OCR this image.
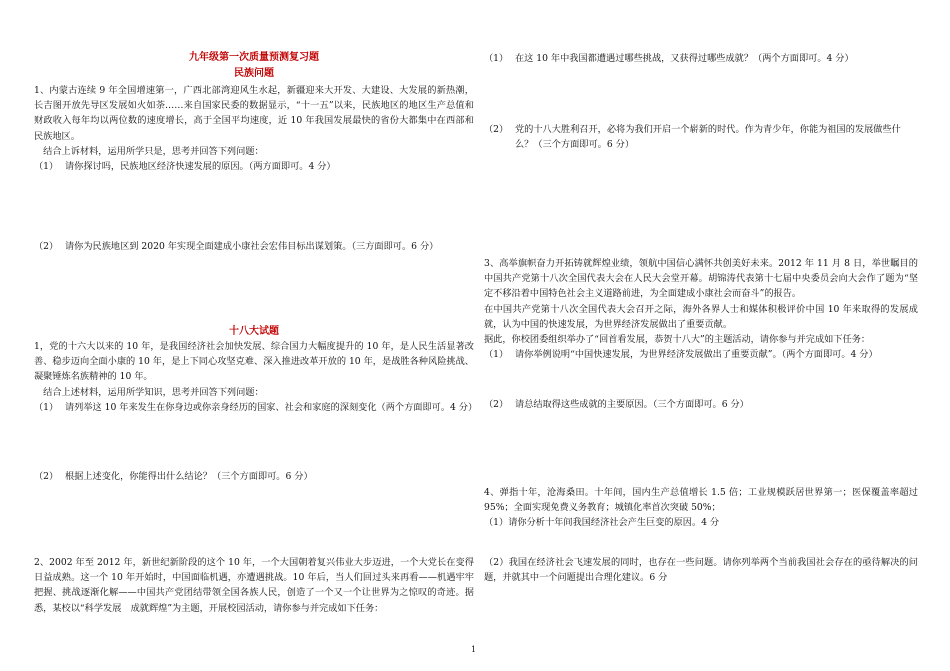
九年级第一次质量预测复习题
民族问题

1、内蒙古连续 9 年全国增速第一，广西北部湾迎风生水起，新疆迎来大开发、大建设、大发展的新热潮，长吉图开放先导区发展如火如荼……来自国家民委的数据显示，“十一五”以来，民族地区的地区生产总值和财政收入每年均以两位数的速度增长，高于全国平均速度，近 10 年我国发展最快的省份大都集中在西部和民族地区。

　结合上诉材料，运用所学只是，思考并回答下列问题：

（1） 请你探讨吗，民族地区经济快速发展的原因。（两方面即可。4 分）
（2） 请你为民族地区到 2020 年实现全面建成小康社会宏伟目标出谋划策。（三方面即可。6 分）
十八大试题

1，党的十六大以来的 10 年，是我国经济社会加快发展、综合国力大幅度提升的 10 年，是人民生活显著改善、稳步迈向全面小康的 10 年，是上下同心攻坚克难、深入推进改革开放的 10 年，是战胜各种风险挑战、凝聚锤炼名族精神的 10 年。

　结合上述材料，运用所学知识，思考并回答下列问题：

（1） 请列举这 10 年来发生在你身边或你亲身经历的国家、社会和家庭的深刻变化（两个方面即可。4 分）
（2） 根据上述变化，你能得出什么结论？（三个方面即可。6 分）

2、2002 年至 2012 年，新世纪新阶段的这个 10 年，一个大国朝着复兴伟业大步迈进，一个大党长在变得日益成熟。这一个 10 年开始时，中国面临机遇，亦遭遇挑战。10 年后，当人们回过头来再看——机遇牢牢把握、挑战逐渐化解——中国共产党团结带领全国各族人民，创造了一个又一个让世界为之惊叹的奇迹。据悉，某校以“科学发展　成就辉煌”为主题，开展校园活动，请你参与并完成如下任务：

（1） 在这 10 年中我国都遭遇过哪些挑战，又获得过哪些成就？（两个方面即可。4 分）
（2） 党的十八大胜利召开，必将为我们开启一个崭新的时代。作为青少年，你能为祖国的发展做些什么？（三个方面即可。6 分）

3、高举旗帜奋力开拓铸就辉煌业绩，领航中国信心满怀共创美好未来。2012 年 11 月 8 日，举世瞩目的中国共产党第十八次全国代表大会在人民大会堂开幕。胡锦涛代表第十七届中央委员会向大会作了题为“坚定不移沿着中国特色社会主义道路前进，为全面建成小康社会而奋斗”的报告。

在中国共产党第十八次全国代表大会召开之际，海外各界人士和媒体积极评价中国 10 年来取得的发展成就，认为中国的快速发展，为世界经济发展做出了重要贡献。

据此，你校团委组织举办了“回首看发展，恭贺十八大”的主题活动，请你参与并完成如下任务：

（1） 请你举例说明“中国快速发展，为世界经济发展做出了重要贡献”。（两个方面即可。4 分）
（2） 请总结取得这些成就的主要原因。（三个方面即可。6 分）

4、弹指十年，沧海桑田。十年间，国内生产总值增长 1.5 倍；工业规模跃居世界第一；医保覆盖率超过 95%；全面实现免费义务教育；城镇化率首次突破 50%；

（1）请你分析十年间我国经济社会产生巨变的原因。4 分

（2）我国在经济社会飞速发展的同时，也存在一些问题。请你列举两个当前我国社会存在的亟待解决的问题，并就其中一个问题提出合理化建议。6 分

1
